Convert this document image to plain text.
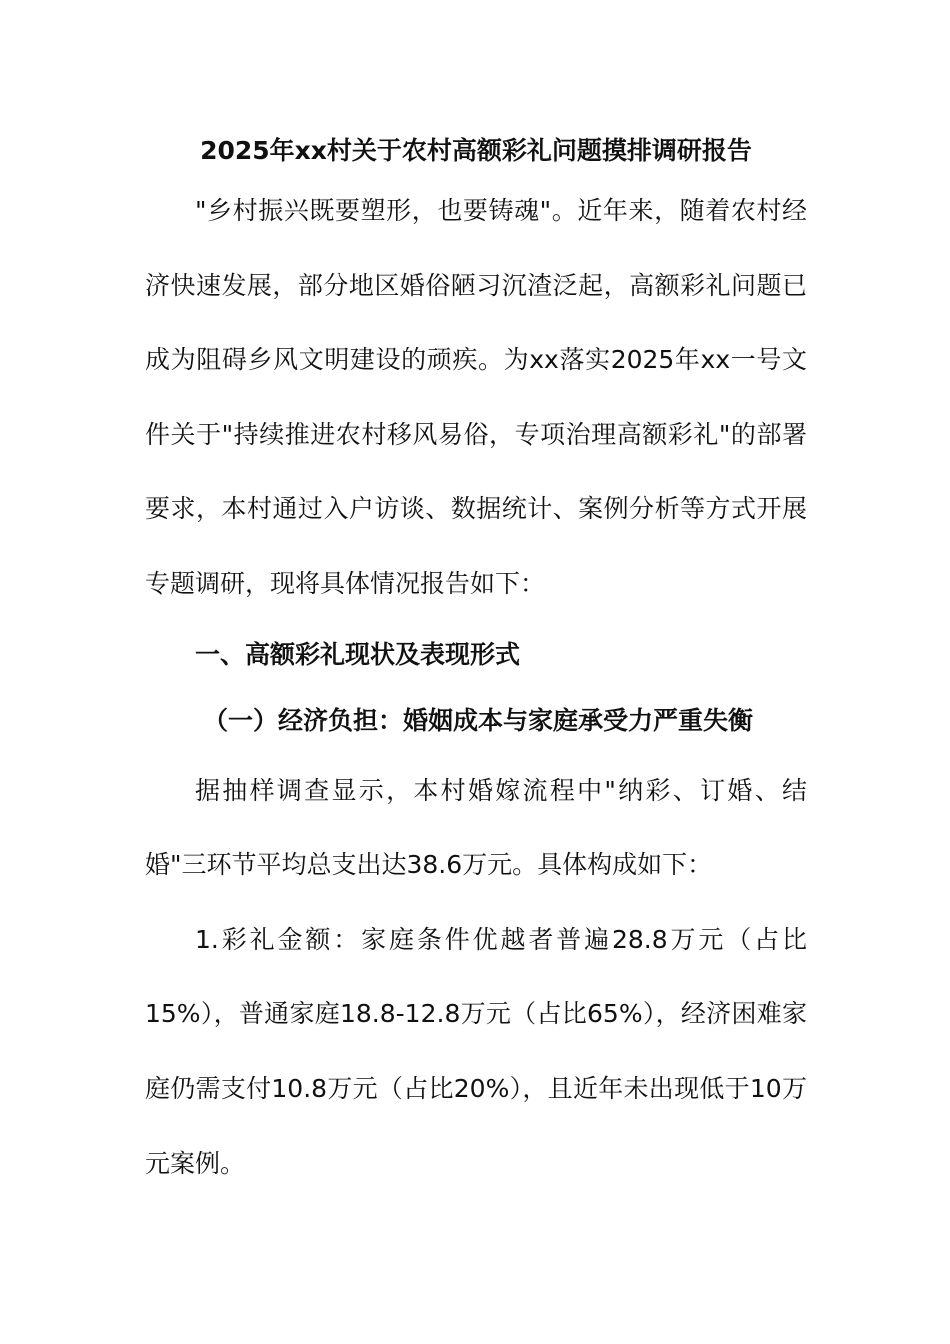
2025年xx村关于农村高额彩礼问题摸排调研报告

"乡村振兴既要塑形，也要铸魂"。近年来，随着农村经济快速发展，部分地区婚俗陋习沉渣泛起，高额彩礼问题已成为阻碍乡风文明建设的顽疾。为xx落实2025年xx一号文件关于"持续推进农村移风易俗，专项治理高额彩礼"的部署要求，本村通过入户访谈、数据统计、案例分析等方式开展专题调研，现将具体情况报告如下：

一、高额彩礼现状及表现形式
（一）经济负担：婚姻成本与家庭承受力严重失衡

据抽样调查显示，本村婚嫁流程中"纳彩、订婚、结婚"三环节平均总支出达38.6万元。具体构成如下：

1.彩礼金额：家庭条件优越者普遍28.8万元（占比15%），普通家庭18.8-12.8万元（占比65%），经济困难家庭仍需支付10.8万元（占比20%），且近年未出现低于10万元案例。
